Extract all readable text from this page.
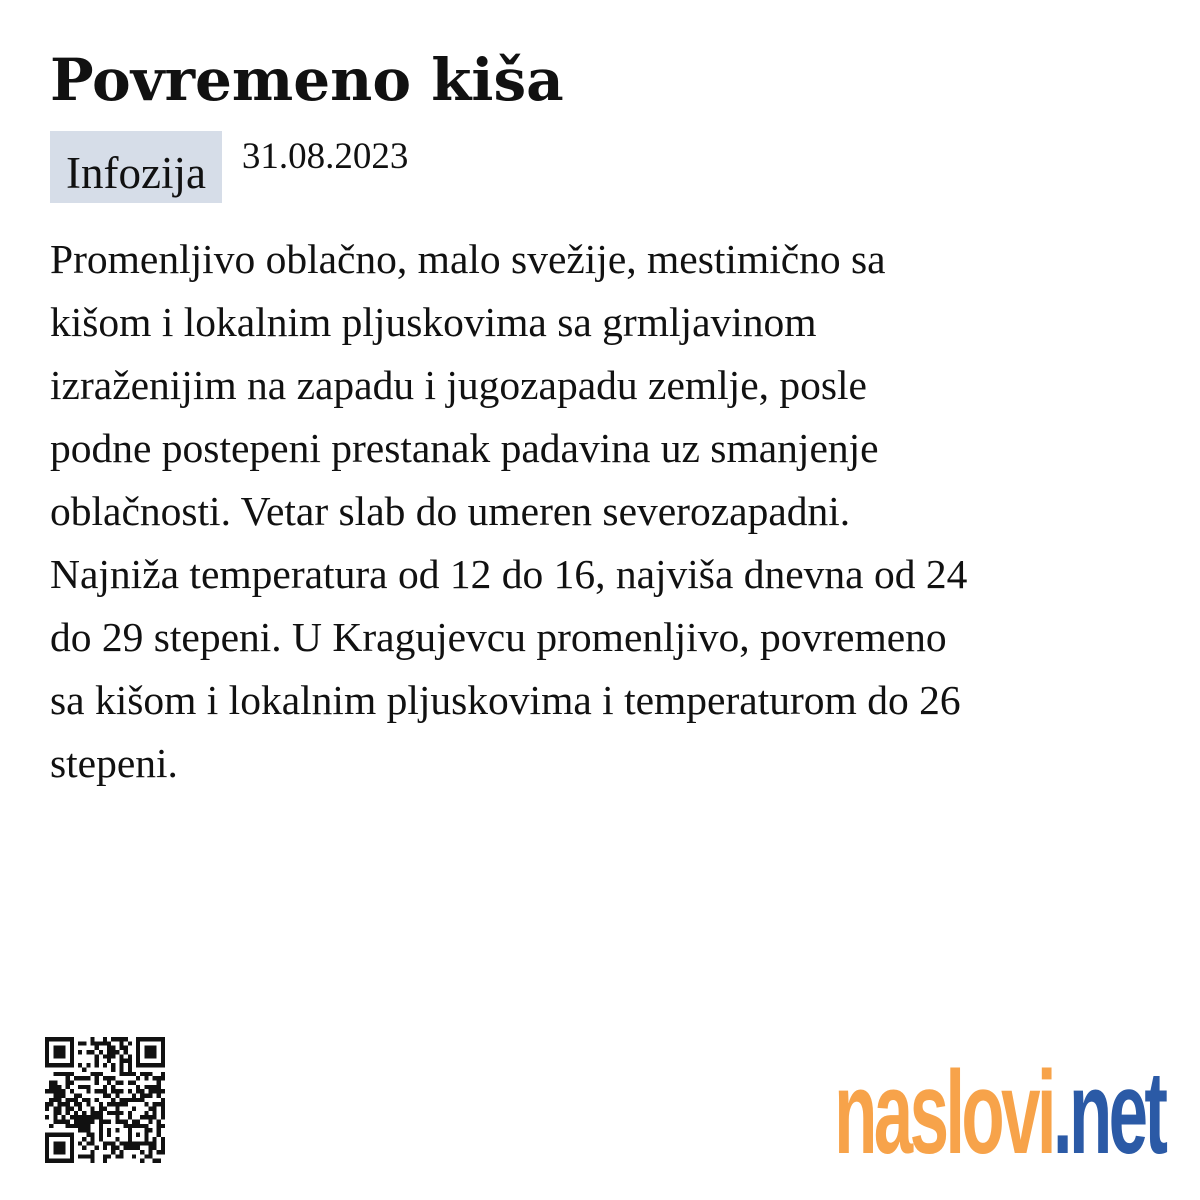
Povremeno kiša
Infozija 31.08.2023
Promenljivo oblačno, malo svežije, mestimično sa
kišom i lokalnim pljuskovima sa grmljavinom
izraženijim na zapadu i jugozapadu zemlje, posle
podne postepeni prestanak padavina uz smanjenje
oblačnosti. Vetar slab do umeren severozapadni.
Najniža temperatura od 12 do 16, najviša dnevna od 24
do 29 stepeni. U Kragujevcu promenljivo, povremeno
sa kišom i lokalnim pljuskovima i temperaturom do 26
stepeni.
naslovi .net
